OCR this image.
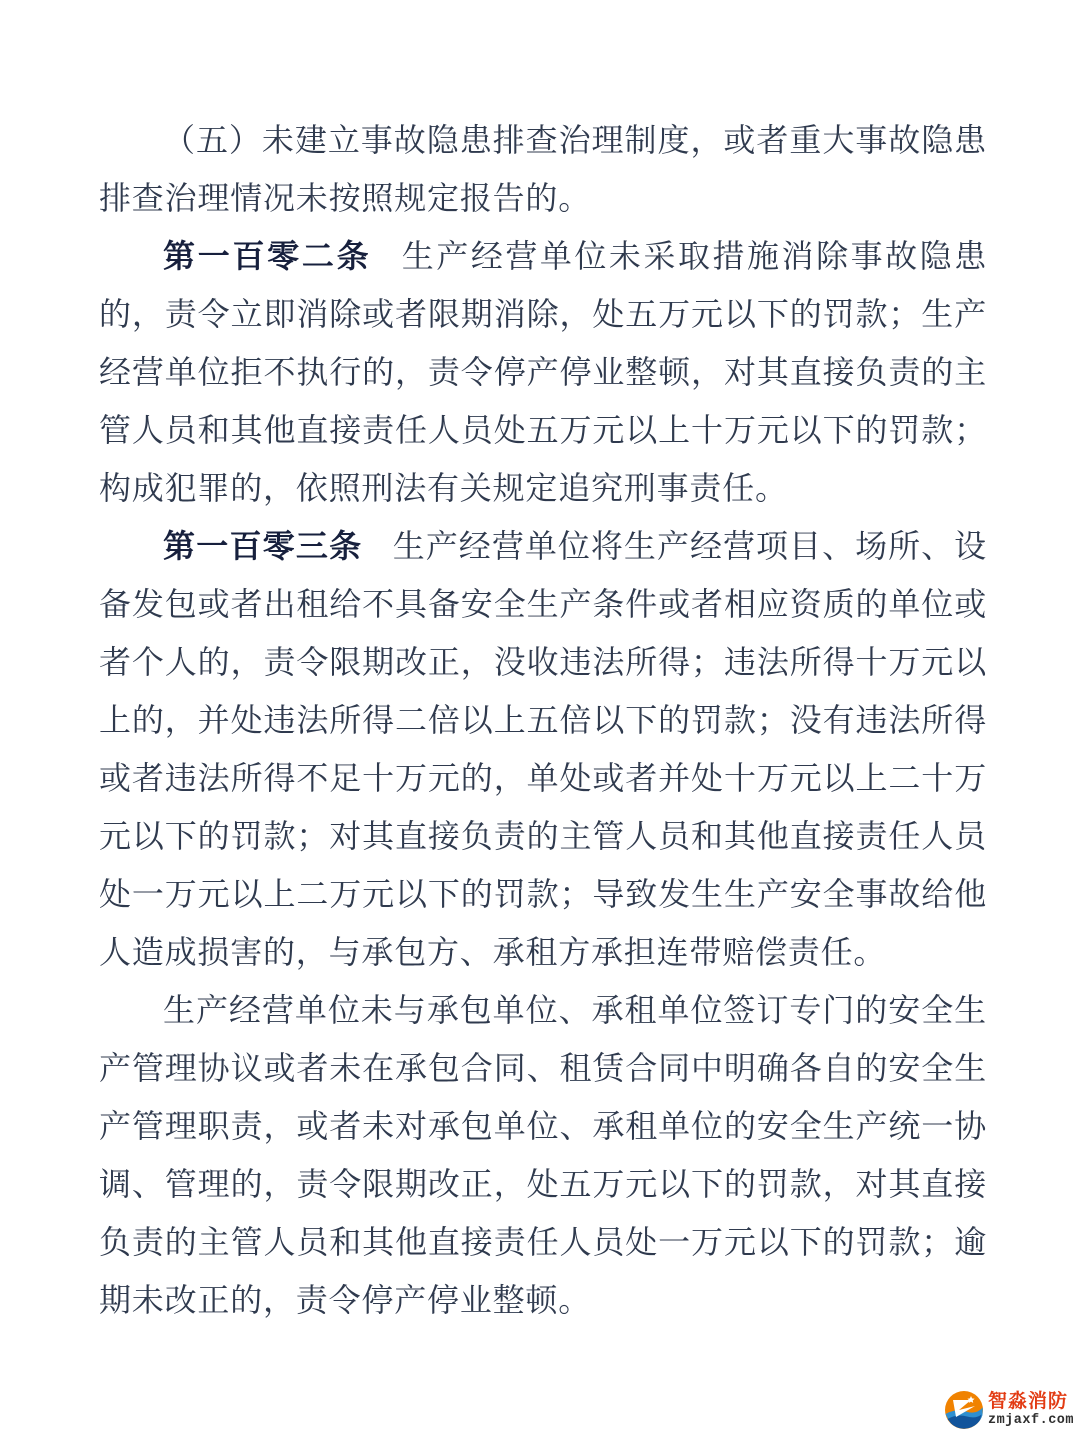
（五）未建立事故隐患排查治理制度，或者重大事故隐患排查治理情况未按照规定报告的。

第一百零二条 生产经营单位未采取措施消除事故隐患的，责令立即消除或者限期消除，处五万元以下的罚款；生产经营单位拒不执行的，责令停产停业整顿，对其直接负责的主管人员和其他直接责任人员处五万元以上十万元以下的罚款；构成犯罪的，依照刑法有关规定追究刑事责任。

第一百零三条 生产经营单位将生产经营项目、场所、设备发包或者出租给不具备安全生产条件或者相应资质的单位或者个人的，责令限期改正，没收违法所得；违法所得十万元以上的，并处违法所得二倍以上五倍以下的罚款；没有违法所得或者违法所得不足十万元的，单处或者并处十万元以上二十万元以下的罚款；对其直接负责的主管人员和其他直接责任人员处一万元以上二万元以下的罚款；导致发生生产安全事故给他人造成损害的，与承包方、承租方承担连带赔偿责任。

生产经营单位未与承包单位、承租单位签订专门的安全生产管理协议或者未在承包合同、租赁合同中明确各自的安全生产管理职责，或者未对承包单位、承租单位的安全生产统一协调、管理的，责令限期改正，处五万元以下的罚款，对其直接负责的主管人员和其他直接责任人员处一万元以下的罚款；逾期未改正的，责令停产停业整顿。

智淼消防
zmjaxf.com
